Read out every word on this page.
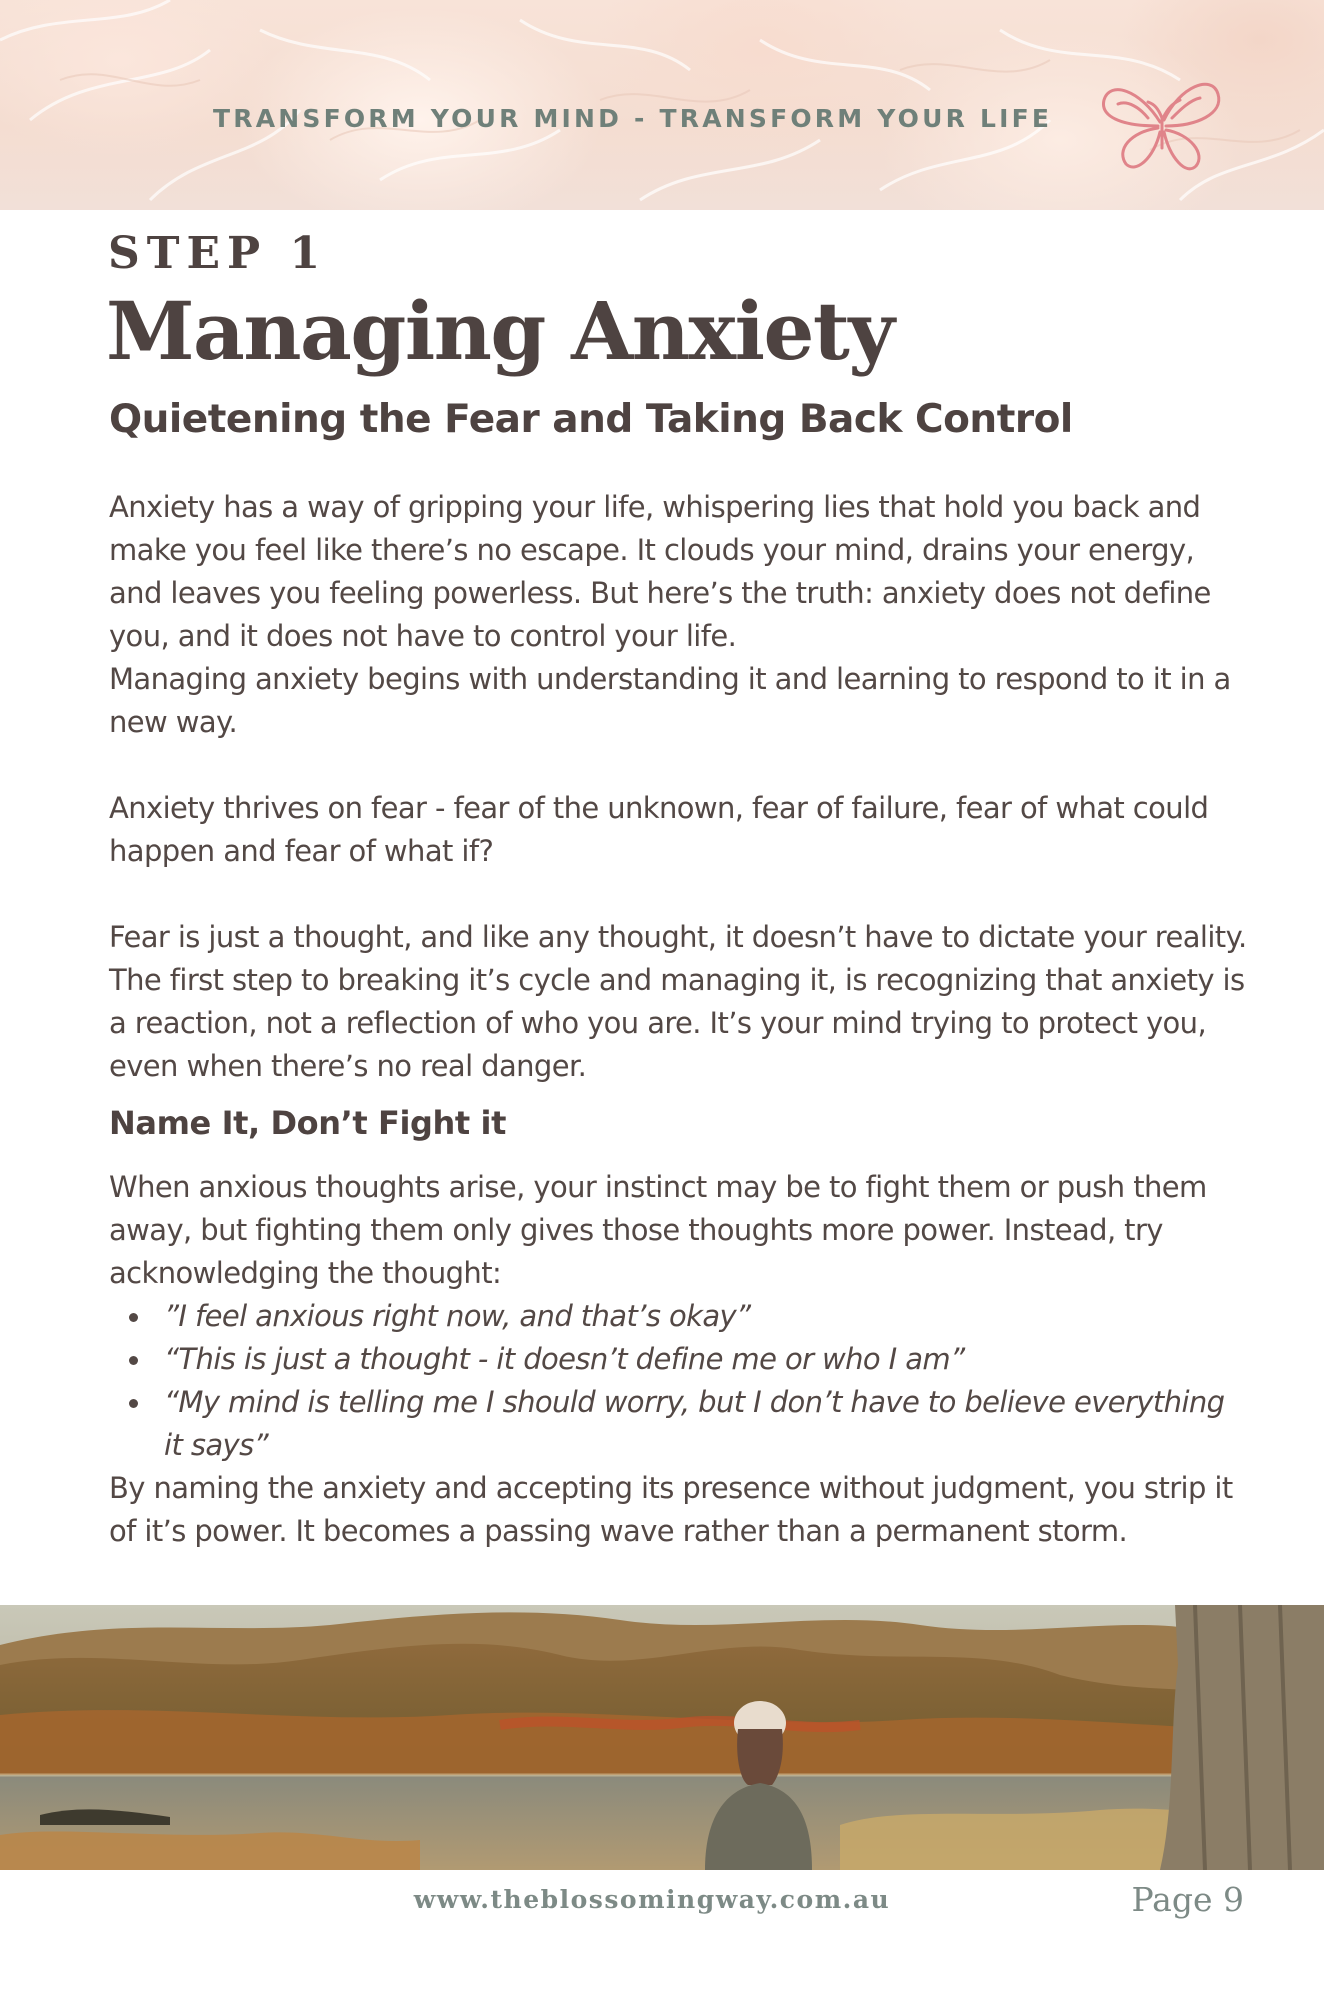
TRANSFORM YOUR MIND - TRANSFORM YOUR LIFE
STEP 1
Managing Anxiety
Quietening the Fear and Taking Back Control
Anxiety has a way of gripping your life, whispering lies that hold you back and make you feel like there’s no escape. It clouds your mind, drains your energy, and leaves you feeling powerless. But here’s the truth: anxiety does not define you, and it does not have to control your life.
Managing anxiety begins with understanding it and learning to respond to it in a new way.

Anxiety thrives on fear - fear of the unknown, fear of failure, fear of what could happen and fear of what if?

Fear is just a thought, and like any thought, it doesn’t have to dictate your reality. The first step to breaking it’s cycle and managing it, is recognizing that anxiety is a reaction, not a reflection of who you are. It’s your mind trying to protect you, even when there’s no real danger.

Name It, Don’t Fight it

When anxious thoughts arise, your instinct may be to fight them or push them away, but fighting them only gives those thoughts more power. Instead, try acknowledging the thought:

”I feel anxious right now, and that’s okay”
“This is just a thought - it doesn’t define me or who I am”
“My mind is telling me I should worry, but I don’t have to believe everything it says”

By naming the anxiety and accepting its presence without judgment, you strip it of it’s power. It becomes a passing wave rather than a permanent storm.

www.theblossomingway.com.au	Page 9
